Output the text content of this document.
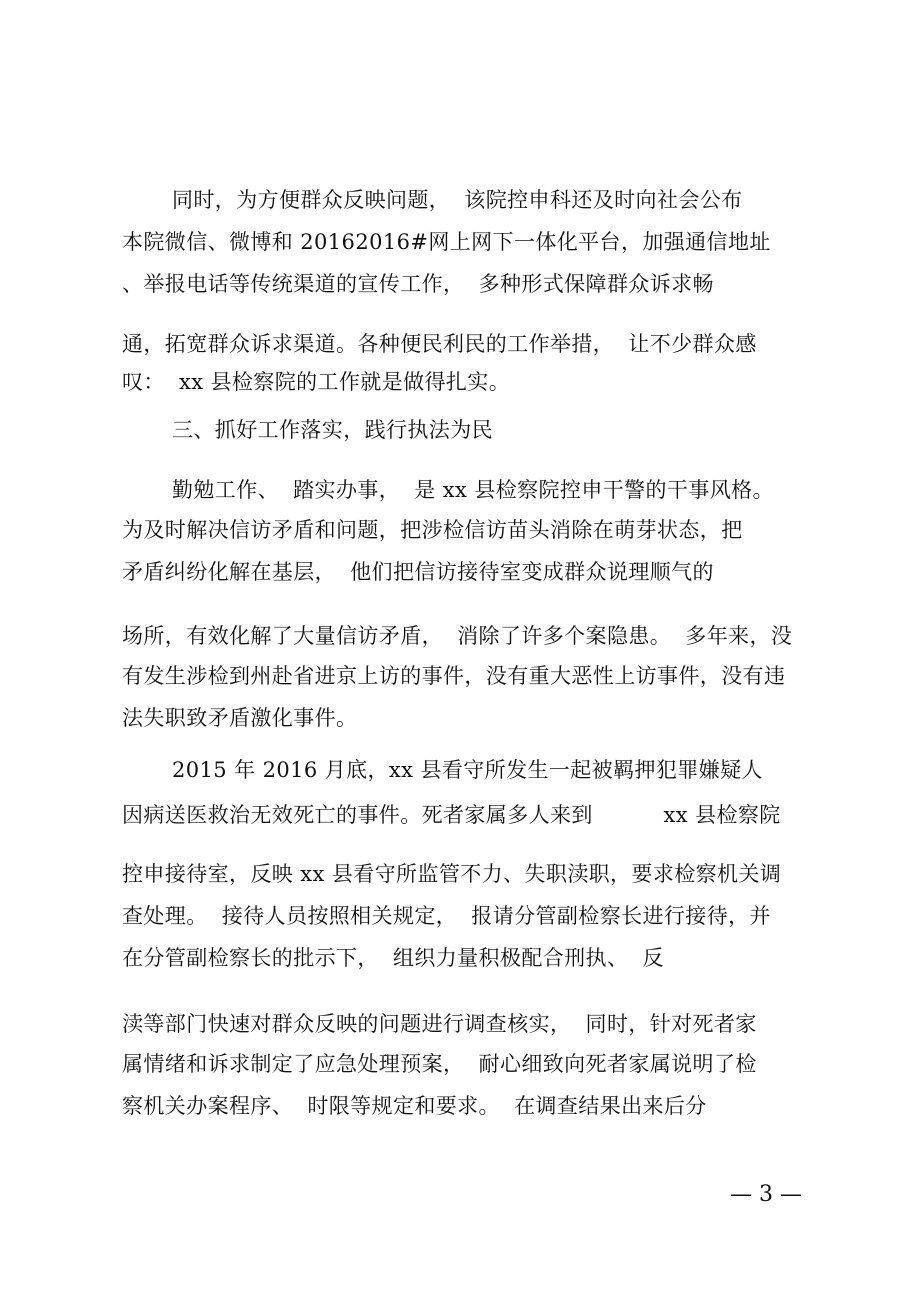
同时，为方便群众反映问题，  该院控申科还及时向社会公布
本院微信、微博和 20162016#网上网下一体化平台，加强通信地址
、举报电话等传统渠道的宣传工作，  多种形式保障群众诉求畅
通，拓宽群众诉求渠道。各种便民利民的工作举措，  让不少群众感
叹：  xx 县检察院的工作就是做得扎实。
三、抓好工作落实，践行执法为民
勤勉工作、  踏实办事，  是 xx 县检察院控申干警的干事风格。
为及时解决信访矛盾和问题，把涉检信访苗头消除在萌芽状态，把
矛盾纠纷化解在基层，  他们把信访接待室变成群众说理顺气的
场所，有效化解了大量信访矛盾，  消除了许多个案隐患。  多年来，没
有发生涉检到州赴省进京上访的事件，没有重大恶性上访事件，没有违
法失职致矛盾激化事件。
2015 年 2016 月底，xx 县看守所发生一起被羁押犯罪嫌疑人
因病送医救治无效死亡的事件。死者家属多人来到          xx 县检察院
控申接待室，反映 xx 县看守所监管不力、失职渎职，要求检察机关调
查处理。  接待人员按照相关规定，  报请分管副检察长进行接待，并
在分管副检察长的批示下，  组织力量积极配合刑执、  反
渎等部门快速对群众反映的问题进行调查核实，  同时，针对死者家
属情绪和诉求制定了应急处理预案，  耐心细致向死者家属说明了检
察机关办案程序、  时限等规定和要求。  在调查结果出来后分
— 3 —
